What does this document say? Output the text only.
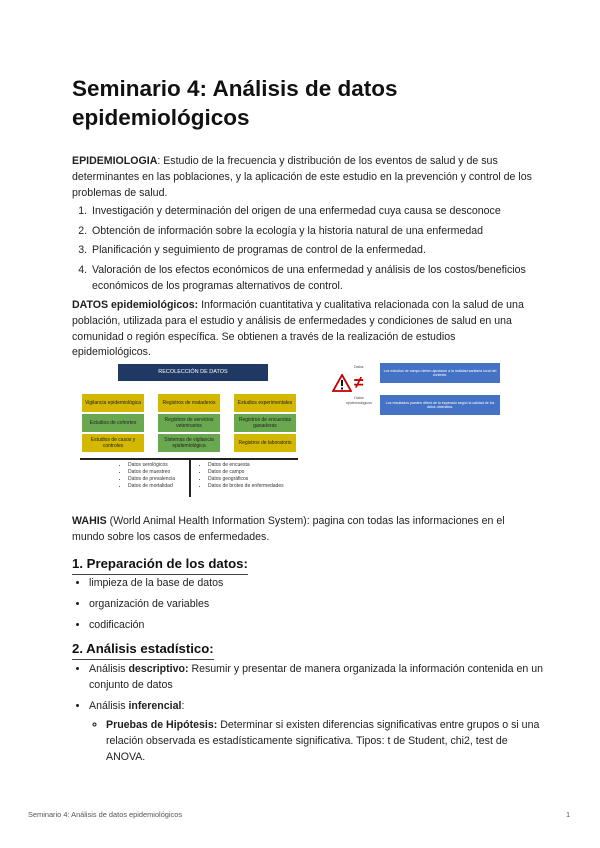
Seminario 4: Análisis de datos epidemiológicos

EPIDEMIOLOGIA: Estudio de la frecuencia y distribución de los eventos de salud y de sus determinantes en las poblaciones, y la aplicación de este estudio en la prevención y control de los problemas de salud.

1. Investigación y determinación del origen de una enfermedad cuya causa se desconoce
2. Obtención de información sobre la ecología y la historia natural de una enfermedad
3. Planificación y seguimiento de programas de control de la enfermedad.
4. Valoración de los efectos económicos de una enfermedad y análisis de los costos/beneficios económicos de los programas alternativos de control.

DATOS epidemiológicos: Información cuantitativa y cualitativa relacionada con la salud de una población, utilizada para el estudio y análisis de enfermedades y condiciones de salud en una comunidad o región específica. Se obtienen a través de la realización de estudios epidemiológicos.

RECOLECCIÓN DE DATOS
Vigilancia epidemiológica	Registros de mataderos	Estudios experimentales
Estudios de cohortes	Registros de servicios veterinarios
Registros de encuestas ganaderas
Estudios de casos y controles
Sistemas de vigilancia epidemiológica	Registros de laboratorio
• Datos serológicos
• Datos de muestreo
• Datos de prevalencia
• Datos de mortalidad
• Datos de encuesta
• Datos de campo
• Datos geográficos
• Datos de brotes de enfermedades
Datos
≠
Datos epidemiológicos
Los estudios de campo deben ajustarse a la realidad sanitaria local del contexto.
Los resultados pueden diferir de lo esperado según la calidad de los datos obtenidos.

WAHIS (World Animal Health Information System): pagina con todas las informaciones en el mundo sobre los casos de enfermedades.

1. Preparación de los datos:
• limpieza de la base de datos
• organización de variables
• codificación
2. Análisis estadístico:
• Análisis descriptivo: Resumir y presentar de manera organizada la información contenida en un conjunto de datos
• Análisis inferencial:
◦ Pruebas de Hipótesis: Determinar si existen diferencias significativas entre grupos o si una relación observada es estadísticamente significativa. Tipos: t de Student, chi2, test de ANOVA.
Seminario 4: Análisis de datos epidemiológicos	1
